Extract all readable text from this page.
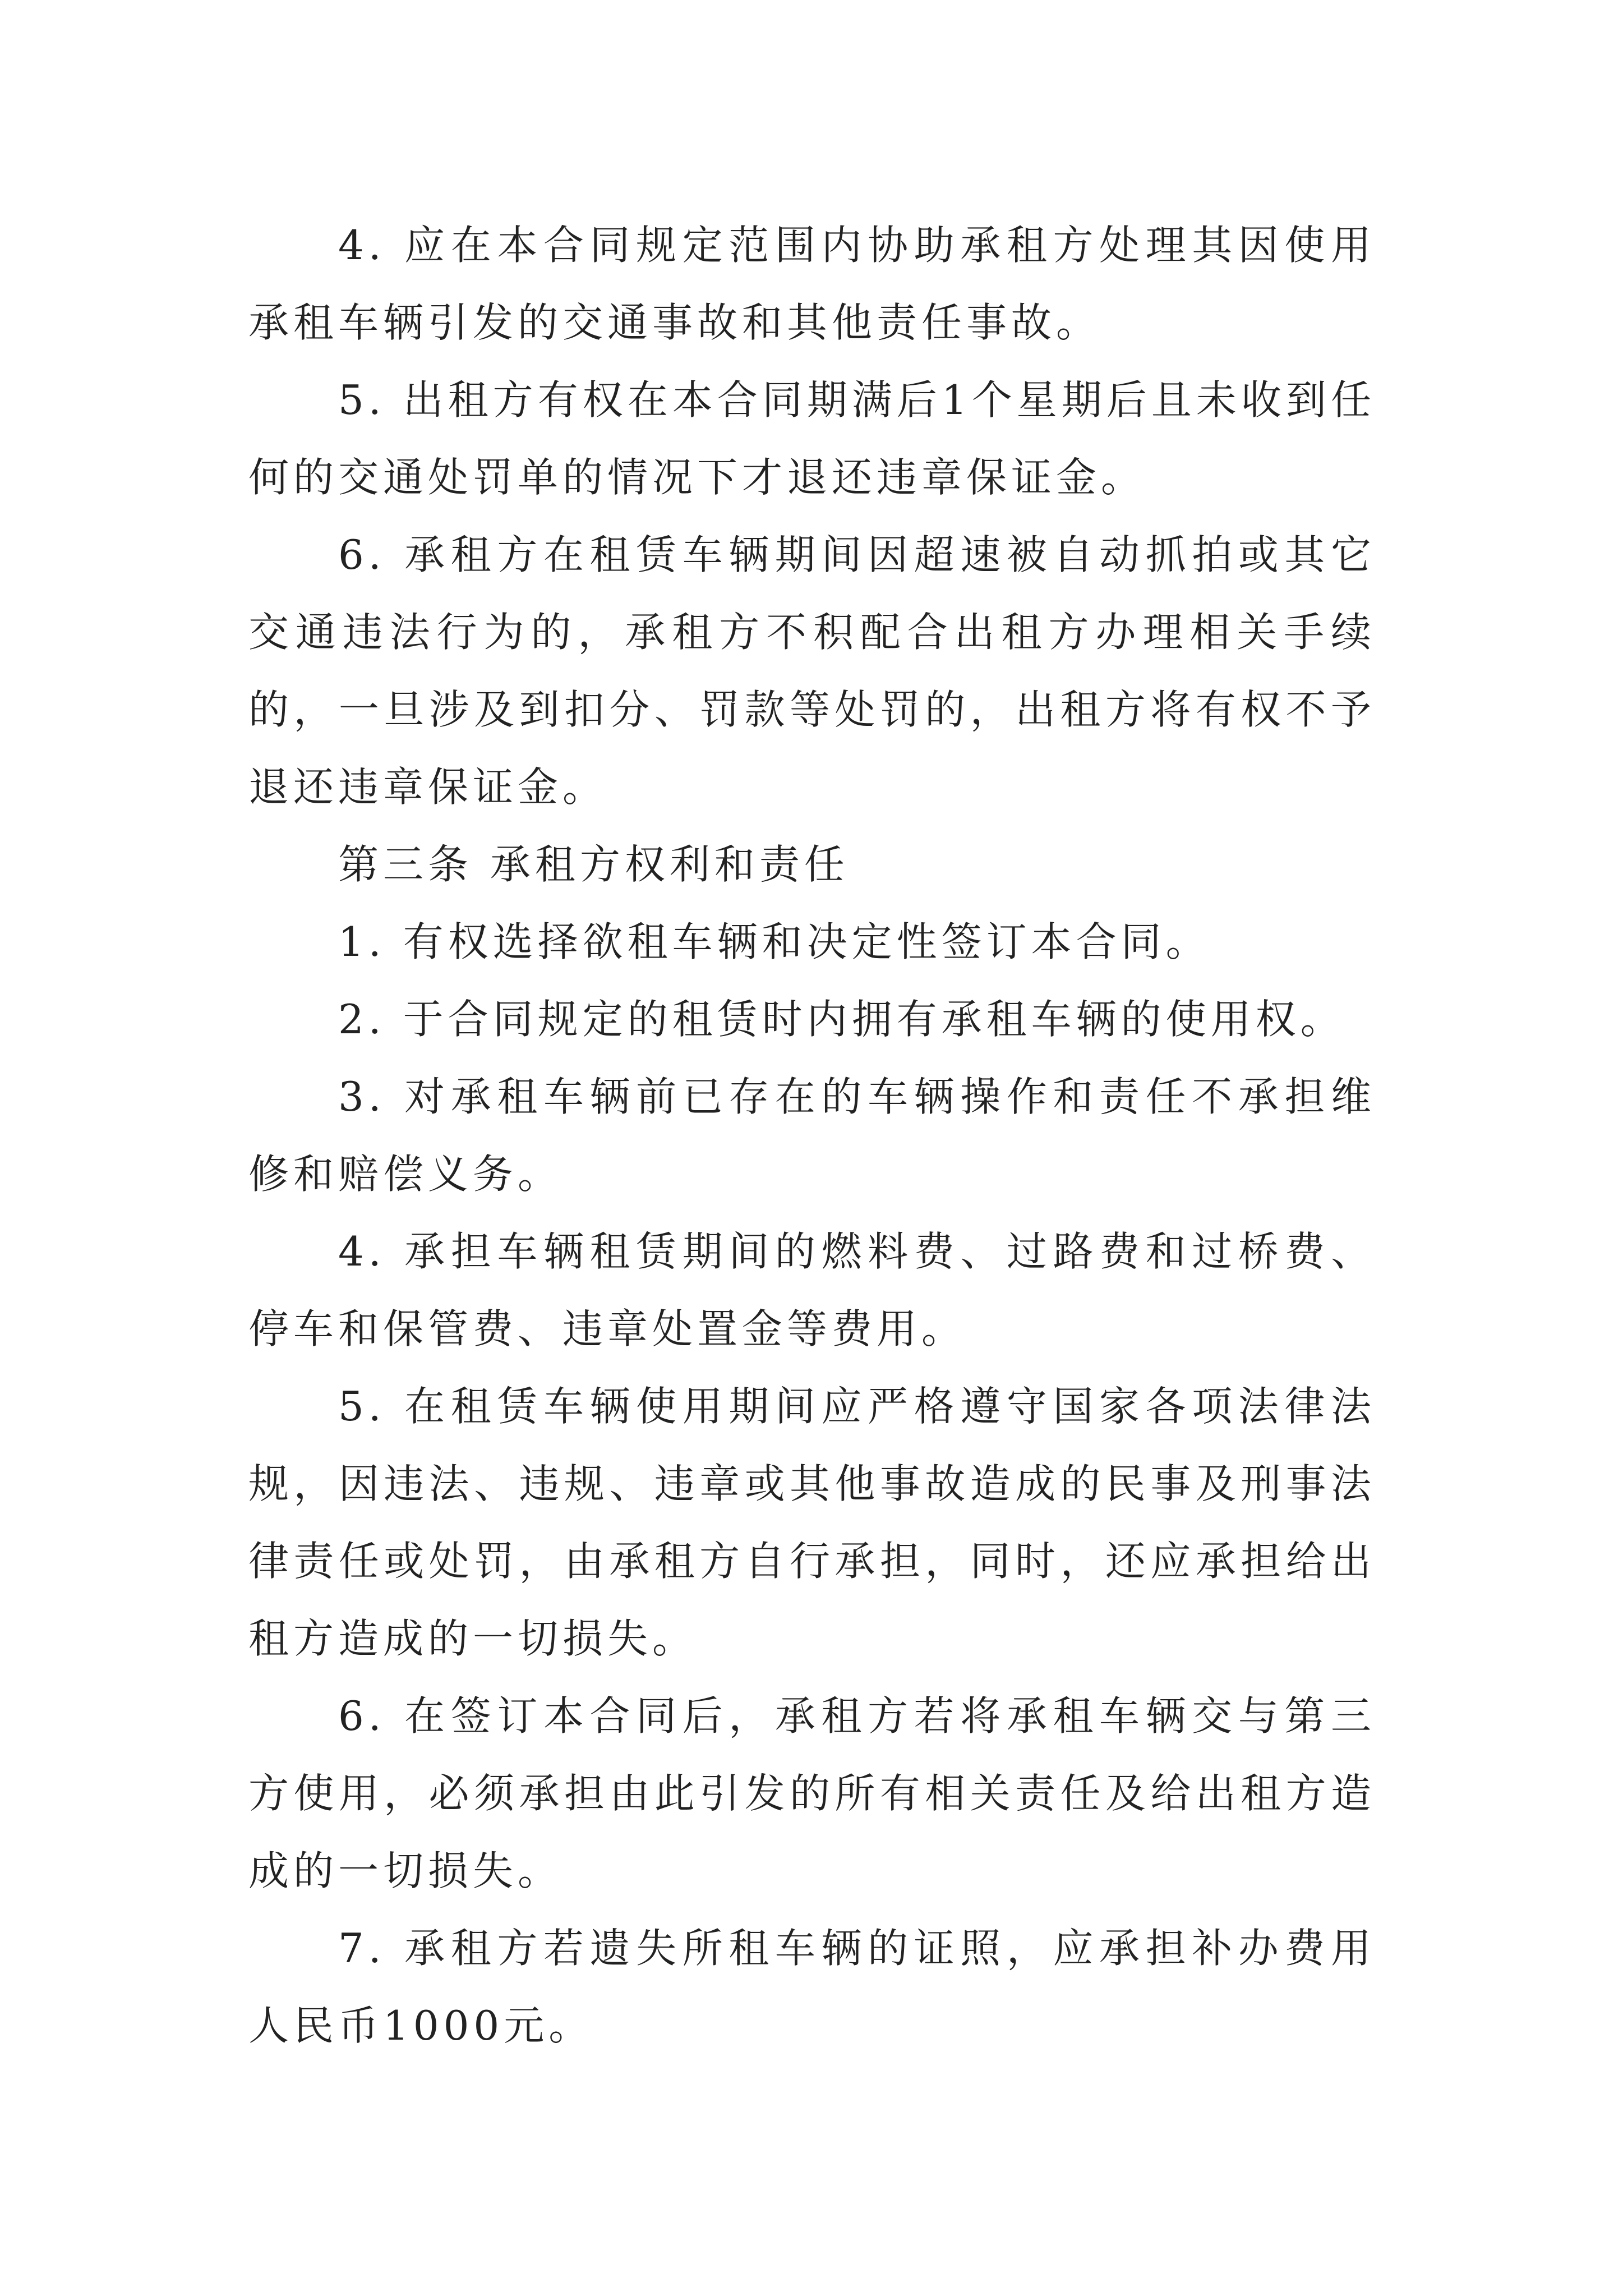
4. 应在本合同规定范围内协助承租方处理其因使用承租车辆引发的交通事故和其他责任事故。

5. 出租方有权在本合同期满后1个星期后且未收到任何的交通处罚单的情况下才退还违章保证金。

6. 承租方在租赁车辆期间因超速被自动抓拍或其它交通违法行为的，承租方不积配合出租方办理相关手续的，一旦涉及到扣分、罚款等处罚的，出租方将有权不予退还违章保证金。

第三条 承租方权利和责任

1. 有权选择欲租车辆和决定性签订本合同。

2. 于合同规定的租赁时内拥有承租车辆的使用权。

3. 对承租车辆前已存在的车辆操作和责任不承担维修和赔偿义务。

4. 承担车辆租赁期间的燃料费、过路费和过桥费、停车和保管费、违章处置金等费用。

5. 在租赁车辆使用期间应严格遵守国家各项法律法规，因违法、违规、违章或其他事故造成的民事及刑事法律责任或处罚，由承租方自行承担，同时，还应承担给出租方造成的一切损失。

6. 在签订本合同后，承租方若将承租车辆交与第三方使用，必须承担由此引发的所有相关责任及给出租方造成的一切损失。

7. 承租方若遗失所租车辆的证照，应承担补办费用人民币1000元。
